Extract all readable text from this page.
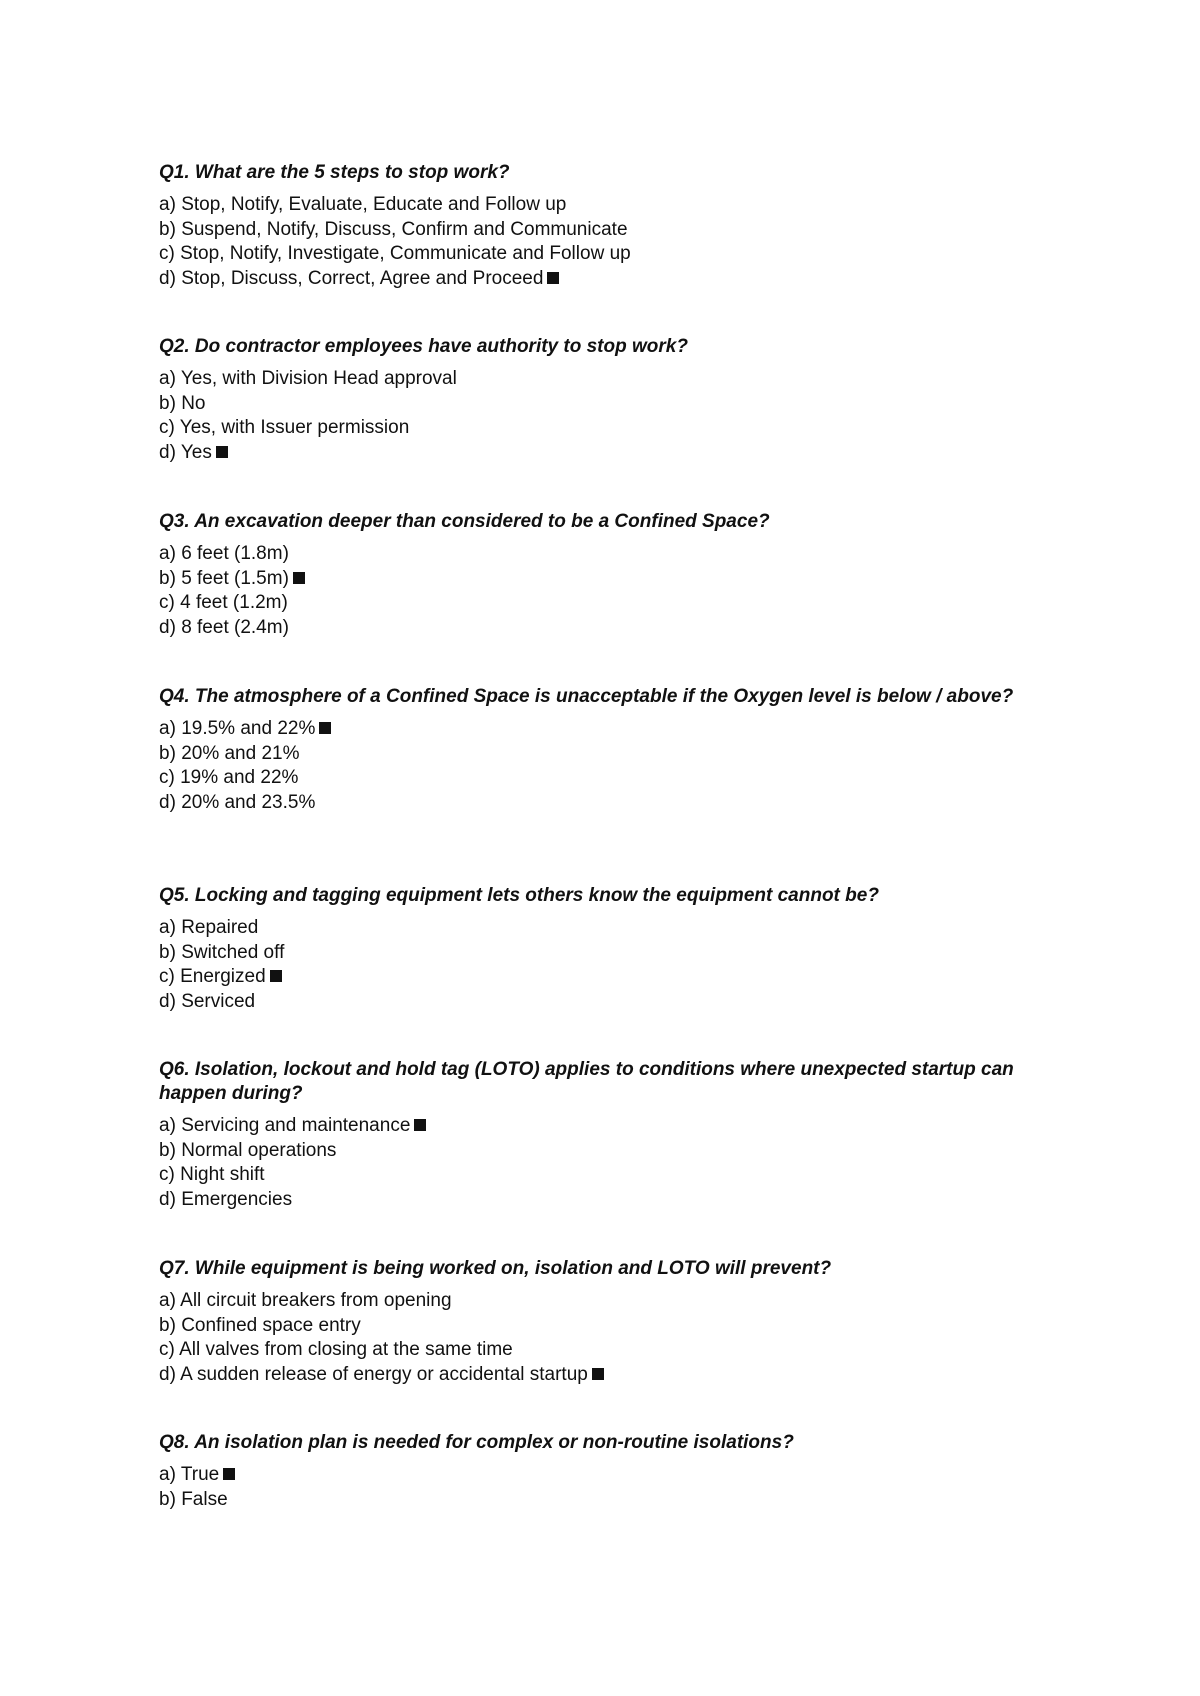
Q1. What are the 5 steps to stop work?
a) Stop, Notify, Evaluate, Educate and Follow up
b) Suspend, Notify, Discuss, Confirm and Communicate
c) Stop, Notify, Investigate, Communicate and Follow up
d) Stop, Discuss, Correct, Agree and Proceed
Q2. Do contractor employees have authority to stop work?
a) Yes, with Division Head approval
b) No
c) Yes, with Issuer permission
d) Yes
Q3. An excavation deeper than considered to be a Confined Space?
a) 6 feet (1.8m)
b) 5 feet (1.5m)
c) 4 feet (1.2m)
d) 8 feet (2.4m)
Q4. The atmosphere of a Confined Space is unacceptable if the Oxygen level is below / above?
a) 19.5% and 22%
b) 20% and 21%
c) 19% and 22%
d) 20% and 23.5%
Q5. Locking and tagging equipment lets others know the equipment cannot be?
a) Repaired
b) Switched off
c) Energized
d) Serviced
Q6. Isolation, lockout and hold tag (LOTO) applies to conditions where unexpected startup can happen during?
a) Servicing and maintenance
b) Normal operations
c) Night shift
d) Emergencies
Q7. While equipment is being worked on, isolation and LOTO will prevent?
a) All circuit breakers from opening
b) Confined space entry
c) All valves from closing at the same time
d) A sudden release of energy or accidental startup
Q8. An isolation plan is needed for complex or non-routine isolations?
a) True
b) False
